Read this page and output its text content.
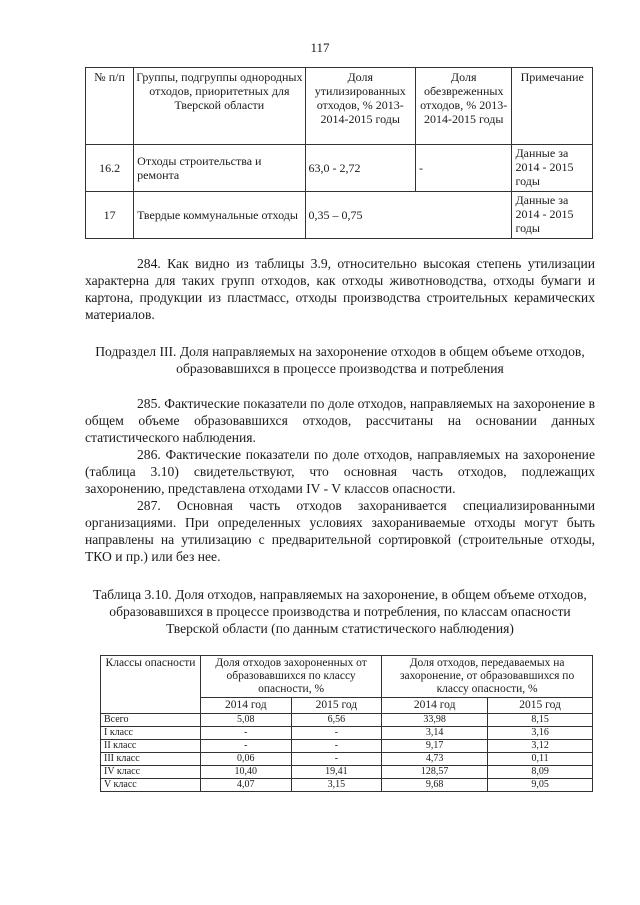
117
№ п/п	Группы, подгруппы однородных отходов, приоритетных для Тверской области	Доля утилизированных отходов, % 2013-2014-2015 годы	Доля обезвреженных отходов, % 2013-2014-2015 годы	Примечание
16.2	Отходы строительства и ремонта	63,0 - 2,72	-	Данные за 2014 - 2015 годы
17	Твердые коммунальные отходы	0,35 – 0,75		Данные за 2014 - 2015 годы

284. Как видно из таблицы 3.9, относительно высокая степень утилизации характерна для таких групп отходов, как отходы животноводства, отходы бумаги и картона, продукции из пластмасс, отходы производства строительных керамических материалов.

Подраздел III. Доля направляемых на захоронение отходов в общем объеме отходов, образовавшихся в процессе производства и потребления

285. Фактические показатели по доле отходов, направляемых на захоронение в общем объеме образовавшихся отходов, рассчитаны на основании данных статистического наблюдения.

286. Фактические показатели по доле отходов, направляемых на захоронение (таблица 3.10) свидетельствуют, что основная часть отходов, подлежащих захоронению, представлена отходами IV - V классов опасности.

287. Основная часть отходов захоранивается специализированными организациями. При определенных условиях захораниваемые отходы могут быть направлены на утилизацию с предварительной сортировкой (строительные отходы, ТКО и пр.) или без нее.

Таблица 3.10. Доля отходов, направляемых на захоронение, в общем объеме отходов, образовавшихся в процессе производства и потребления, по классам опасности Тверской области (по данным статистического наблюдения)
Классы опасности	Доля отходов захороненных от образовавшихся по классу опасности, %		Доля отходов, передаваемых на захоронение, от образовавшихся по классу опасности, %	
	2014 год	2015 год	2014 год	2015 год
Всего	5,08	6,56	33,98	8,15
I класс	-	-	3,14	3,16
II класс	-	-	9,17	3,12
III класс	0,06	-	4,73	0,11
IV класс	10,40	19,41	128,57	8,09
V класс	4,07	3,15	9,68	9,05
